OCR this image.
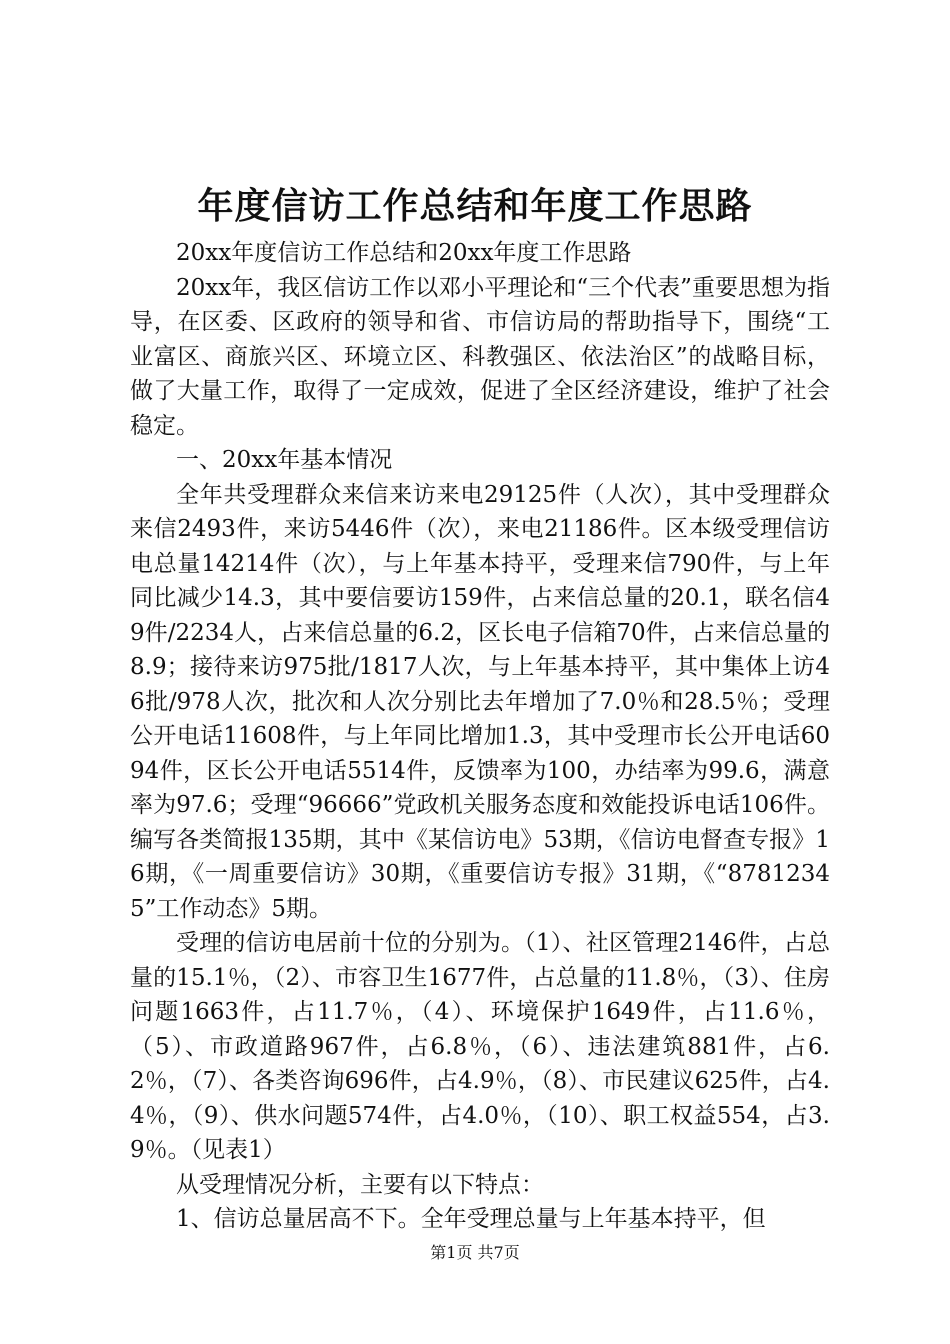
年度信访工作总结和年度工作思路

20xx年度信访工作总结和20xx年度工作思路

20xx年，我区信访工作以邓小平理论和“三个代表”重要思想为指导，在区委、区政府的领导和省、市信访局的帮助指导下，围绕“工业富区、商旅兴区、环境立区、科教强区、依法治区”的战略目标，做了大量工作，取得了一定成效，促进了全区经济建设，维护了社会稳定。

一、20xx年基本情况

全年共受理群众来信来访来电29125件（人次），其中受理群众来信2493件，来访5446件（次），来电21186件。区本级受理信访电总量14214件（次），与上年基本持平，受理来信790件，与上年同比减少14.3，其中要信要访159件，占来信总量的20.1，联名信49件/2234人，占来信总量的6.2，区长电子信箱70件，占来信总量的8.9；接待来访975批/1817人次，与上年基本持平，其中集体上访46批/978人次，批次和人次分别比去年增加了7.0％和28.5％；受理公开电话11608件，与上年同比增加1.3，其中受理市长公开电话6094件，区长公开电话5514件，反馈率为100，办结率为99.6，满意率为97.6；受理“96666”党政机关服务态度和效能投诉电话106件。编写各类简报135期，其中《某信访电》53期，《信访电督查专报》16期，《一周重要信访》30期，《重要信访专报》31期，《“87812345”工作动态》5期。

受理的信访电居前十位的分别为。（1）、社区管理2146件，占总量的15.1％，（2）、市容卫生1677件，占总量的11.8％，（3）、住房问题1663件，占11.7％，（4）、环境保护1649件，占11.6％，（5）、市政道路967件，占6.8％，（6）、违法建筑881件，占6.2％，（7）、各类咨询696件，占4.9％，（8）、市民建议625件，占4.4％，（9）、供水问题574件，占4.0％，（10）、职工权益554，占3.9％。（见表1）

从受理情况分析，主要有以下特点：

1、信访总量居高不下。全年受理总量与上年基本持平，但

第1页 共7页
